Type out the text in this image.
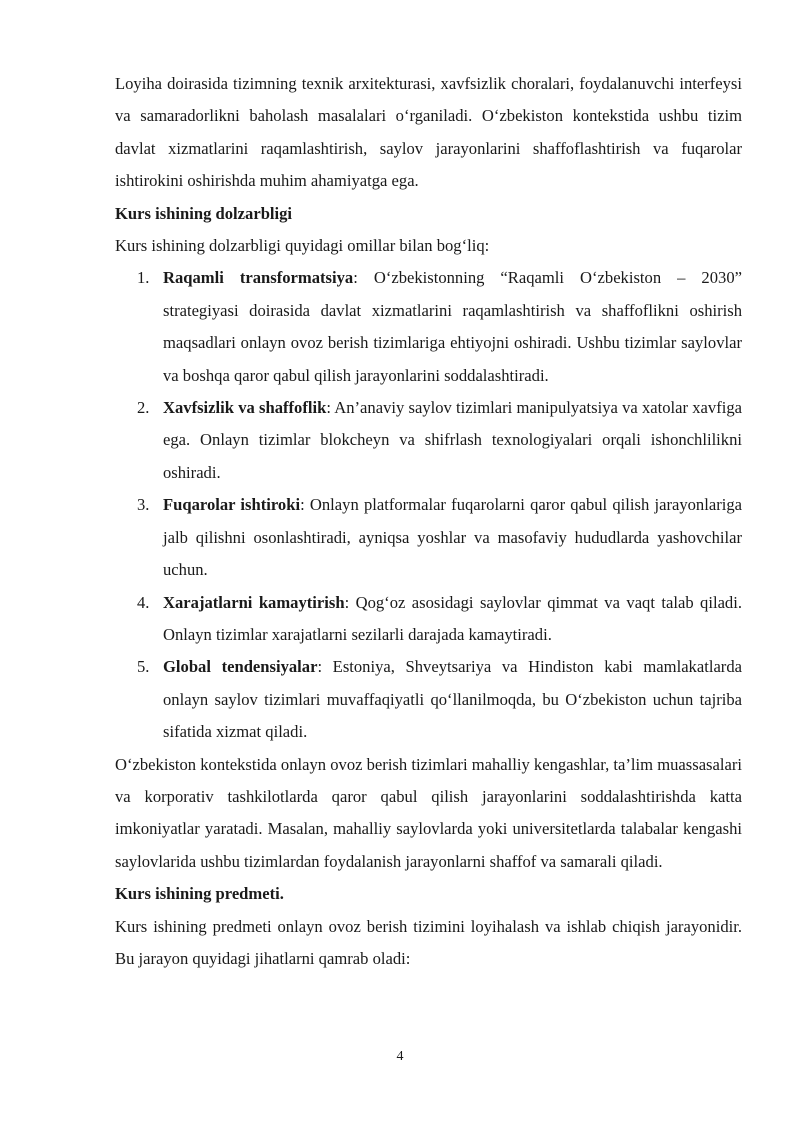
Loyiha doirasida tizimning texnik arxitekturasi, xavfsizlik choralari, foydalanuvchi interfeysi va samaradorlikni baholash masalalari o‘rganiladi. O‘zbekiston kontekstida ushbu tizim davlat xizmatlarini raqamlashtirish, saylov jarayonlarini shaffoflashtirish va fuqarolar ishtirokini oshirishda muhim ahamiyatga ega.

Kurs ishining dolzarbligi

Kurs ishining dolzarbligi quyidagi omillar bilan bog‘liq:

1. Raqamli transformatsiya: O‘zbekistonning “Raqamli O‘zbekiston – 2030” strategiyasi doirasida davlat xizmatlarini raqamlashtirish va shaffoflikni oshirish maqsadlari onlayn ovoz berish tizimlariga ehtiyojni oshiradi. Ushbu tizimlar saylovlar va boshqa qaror qabul qilish jarayonlarini soddalashtiradi.
2. Xavfsizlik va shaffoflik: An’anaviy saylov tizimlari manipulyatsiya va xatolar xavfiga ega. Onlayn tizimlar blokcheyn va shifrlash texnologiyalari orqali ishonchlilikni oshiradi.
3. Fuqarolar ishtiroki: Onlayn platformalar fuqarolarni qaror qabul qilish jarayonlariga jalb qilishni osonlashtiradi, ayniqsa yoshlar va masofaviy hududlarda yashovchilar uchun.
4. Xarajatlarni kamaytirish: Qog‘oz asosidagi saylovlar qimmat va vaqt talab qiladi. Onlayn tizimlar xarajatlarni sezilarli darajada kamaytiradi.
5. Global tendensiyalar: Estoniya, Shveytsariya va Hindiston kabi mamlakatlarda onlayn saylov tizimlari muvaffaqiyatli qo‘llanilmoqda, bu O‘zbekiston uchun tajriba sifatida xizmat qiladi.

O‘zbekiston kontekstida onlayn ovoz berish tizimlari mahalliy kengashlar, ta’lim muassasalari va korporativ tashkilotlarda qaror qabul qilish jarayonlarini soddalashtirishda katta imkoniyatlar yaratadi. Masalan, mahalliy saylovlarda yoki universitetlarda talabalar kengashi saylovlarida ushbu tizimlardan foydalanish jarayonlarni shaffof va samarali qiladi.

Kurs ishining predmeti.

Kurs ishining predmeti onlayn ovoz berish tizimini loyihalash va ishlab chiqish jarayonidir. Bu jarayon quyidagi jihatlarni qamrab oladi:

4
